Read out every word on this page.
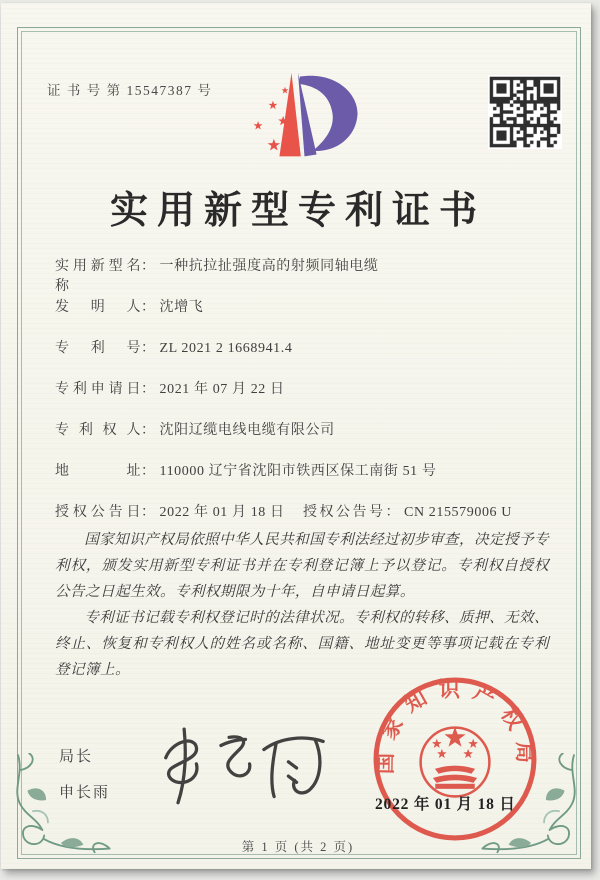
证 书 号 第 15547387 号
实用新型专利证书
实用新型名称： 一种抗拉扯强度高的射频同轴电缆
发明人： 沈增飞
专利号： ZL 2021 2 1668941.4
专利申请日： 2021 年 07 月 22 日
专利权人： 沈阳辽缆电线电缆有限公司
地址： 110000 辽宁省沈阳市铁西区保工南街 51 号
授权公告日： 2022 年 01 月 18 日 授权公告号： CN 215579006 U

国家知识产权局依照中华人民共和国专利法经过初步审查，决定授予专利权，颁发实用新型专利证书并在专利登记簿上予以登记。专利权自授权公告之日起生效。专利权期限为十年，自申请日起算。

专利证书记载专利权登记时的法律状况。专利权的转移、质押、无效、终止、恢复和专利权人的姓名或名称、国籍、地址变更等事项记载在专利登记簿上。

局长
申长雨
国家知识产权局
2022 年 01 月 18 日
第 1 页 (共 2 页)
